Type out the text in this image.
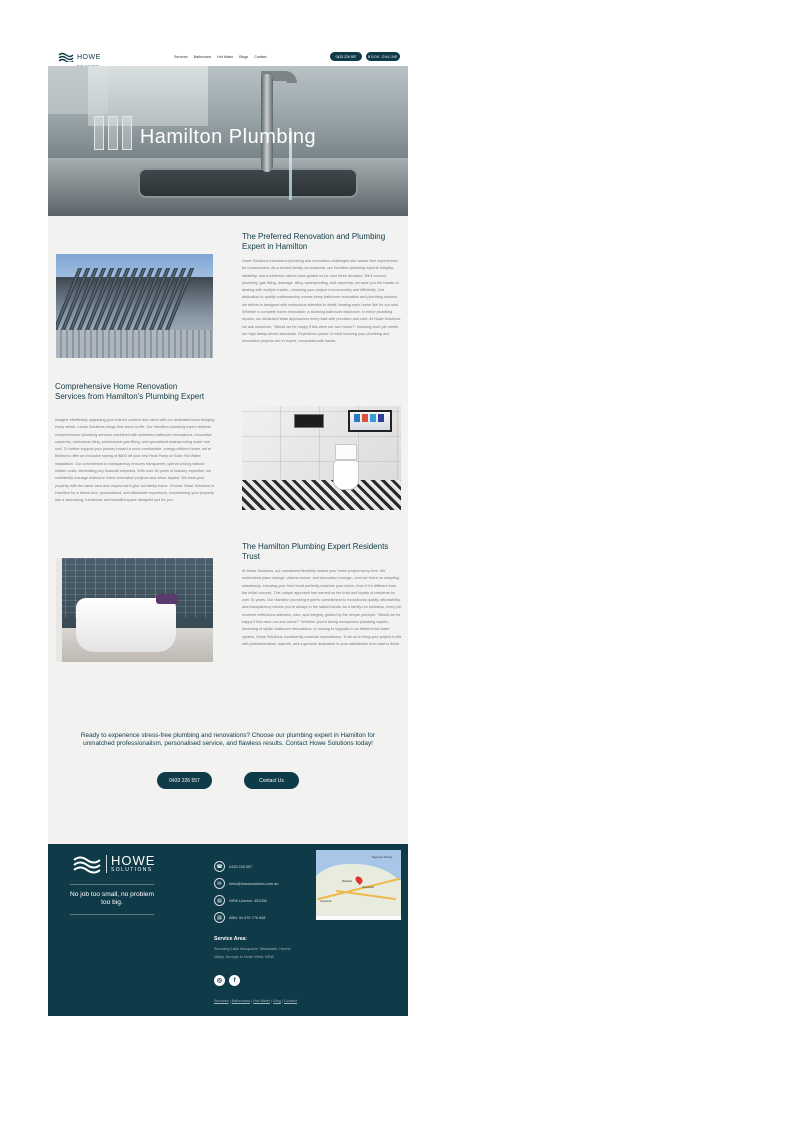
HOWE	Services Bathrooms Hot Water Blogs Contact	0433 226 557	BOOK ONLINE
Hamilton Plumbing
The Preferred Renovation and Plumbing Expert in Hamilton

Howe Solutions transforms plumbing and renovation challenges into hassle-free experiences for homeowners. As a trusted family-run business, our Hamilton plumbing experts integrity, reliability, and excellence-valued have guided us for over three decades. We'll convert plumbing, gas fitting, drainage, tiling, waterproofing, and carpentry, we save you the hassle of dealing with multiple trades—ensuring your project runs smoothly and efficiently. Our dedication to quality craftsmanship means every bathroom renovation and plumbing solution we deliver is designed with meticulous attention to detail, treating each home like it's our own. Whether a complete home renovation, a stunning bathroom makeover, or minor plumbing repairs, our dedicated team approaches every task with precision and care. At Howe Solutions, we ask ourselves, "Would we be happy if this were our own home?" ensuring each job meets our high family-driven standards. Experience peace of mind knowing your plumbing and renovation projects are in expert, compassionate hands.

Comprehensive Home Renovation Services from Hamilton's Plumbing Expert

Imagine effortlessly upgrading your home's comfort and value with our dedicated team bringing every detail—Howe Solutions brings that vision to life. Our Hamilton plumbing expert delivers comprehensive plumbing services combined with seamless bathroom renovations, innovative carpentry, meticulous tiling, professional gas fitting, and specialised waterproofing under one roof. To further support your journey toward a more comfortable, energy-efficient home, we're thrilled to offer an exclusive saving of $600 off your new Heat Pump or Solar Hot Water installation. Our commitment to transparency ensures transparent, upfront pricing without hidden costs, eliminating any financial surprises. With over 30 years of industry expertise, we confidently manage extensive home renovation projects and minor repairs. We treat your property with the same care and respect we'd give our family home. Choose Howe Solutions in Hamilton for a stress-free, personalised, and affordable experience, transforming your property into a welcoming, functional, and beautiful space designed just for you.

The Hamilton Plumbing Expert Residents Trust

At Howe Solutions, our unmatched flexibility makes your home project worry-free. We understand plans change, visions evolve, and renovation emerge—and we thrive on adapting seamlessly, ensuring your final result perfectly matches your vision, even if it's different from the initial concept. This unique approach has earned us the trust and loyalty of residents for over 30 years. Our Hamilton plumbing expert's commitment to exceptional quality, affordability, and transparency means you're always in the safest hands. As a family-run business, every job receives meticulous attention, care, and integrity, guided by the simple principle: "Would we be happy if this were our own home?" Whether you're facing unexpected plumbing repairs, dreaming of stylish bathroom renovations, or looking to upgrade to an efficient hot water system, Howe Solutions consistently exceeds expectations. Trust us to bring your project to life with professionalism, warmth, and a genuine dedication to your satisfaction from start to finish.

Ready to experience stress-free plumbing and renovations? Choose our plumbing expert in Hamilton for unmatched professionalism, personalised service, and flawless results. Contact Howe Solutions today!

0433 226 557	Contact Us
HOWE
SOLUTIONS

No job too small, no problem too big.

☎	0433 226 557
✉	hello@howesolutions.com.au
▤	NSW Licence: 451030
▤	ABN: 94 675 776 608
Service Area:

Servicing Lake Macquarie, Newcastle, Hunter Valley, through to North West, NSW

◎	f
Services | Bathrooms | Hot Water | Blog | Contact
Raymond Terrace
Newcastle
Maitland
Cessnock
